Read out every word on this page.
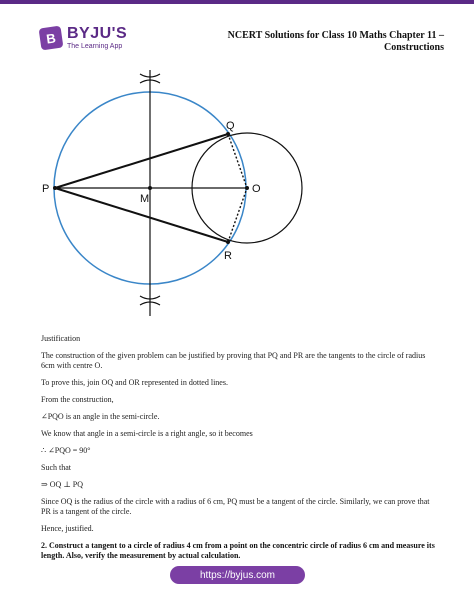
B BYJU'S
The Learning App
NCERT Solutions for Class 10 Maths Chapter 11 –
Constructions
P
M
O
Q
R

Justification

The construction of the given problem can be justified by proving that PQ and PR are the tangents to the circle of radius 6cm with centre O.

To prove this, join OQ and OR represented in dotted lines.

From the construction,

∠PQO is an angle in the semi-circle.

We know that angle in a semi-circle is a right angle, so it becomes

∴ ∠PQO = 90°

Such that

⇒ OQ ⊥ PQ

Since OQ is the radius of the circle with a radius of 6 cm, PQ must be a tangent of the circle. Similarly, we can prove that PR is a tangent of the circle.

Hence, justified.

2. Construct a tangent to a circle of radius 4 cm from a point on the concentric circle of radius 6 cm and measure its length. Also, verify the measurement by actual calculation.

https://byjus.com
